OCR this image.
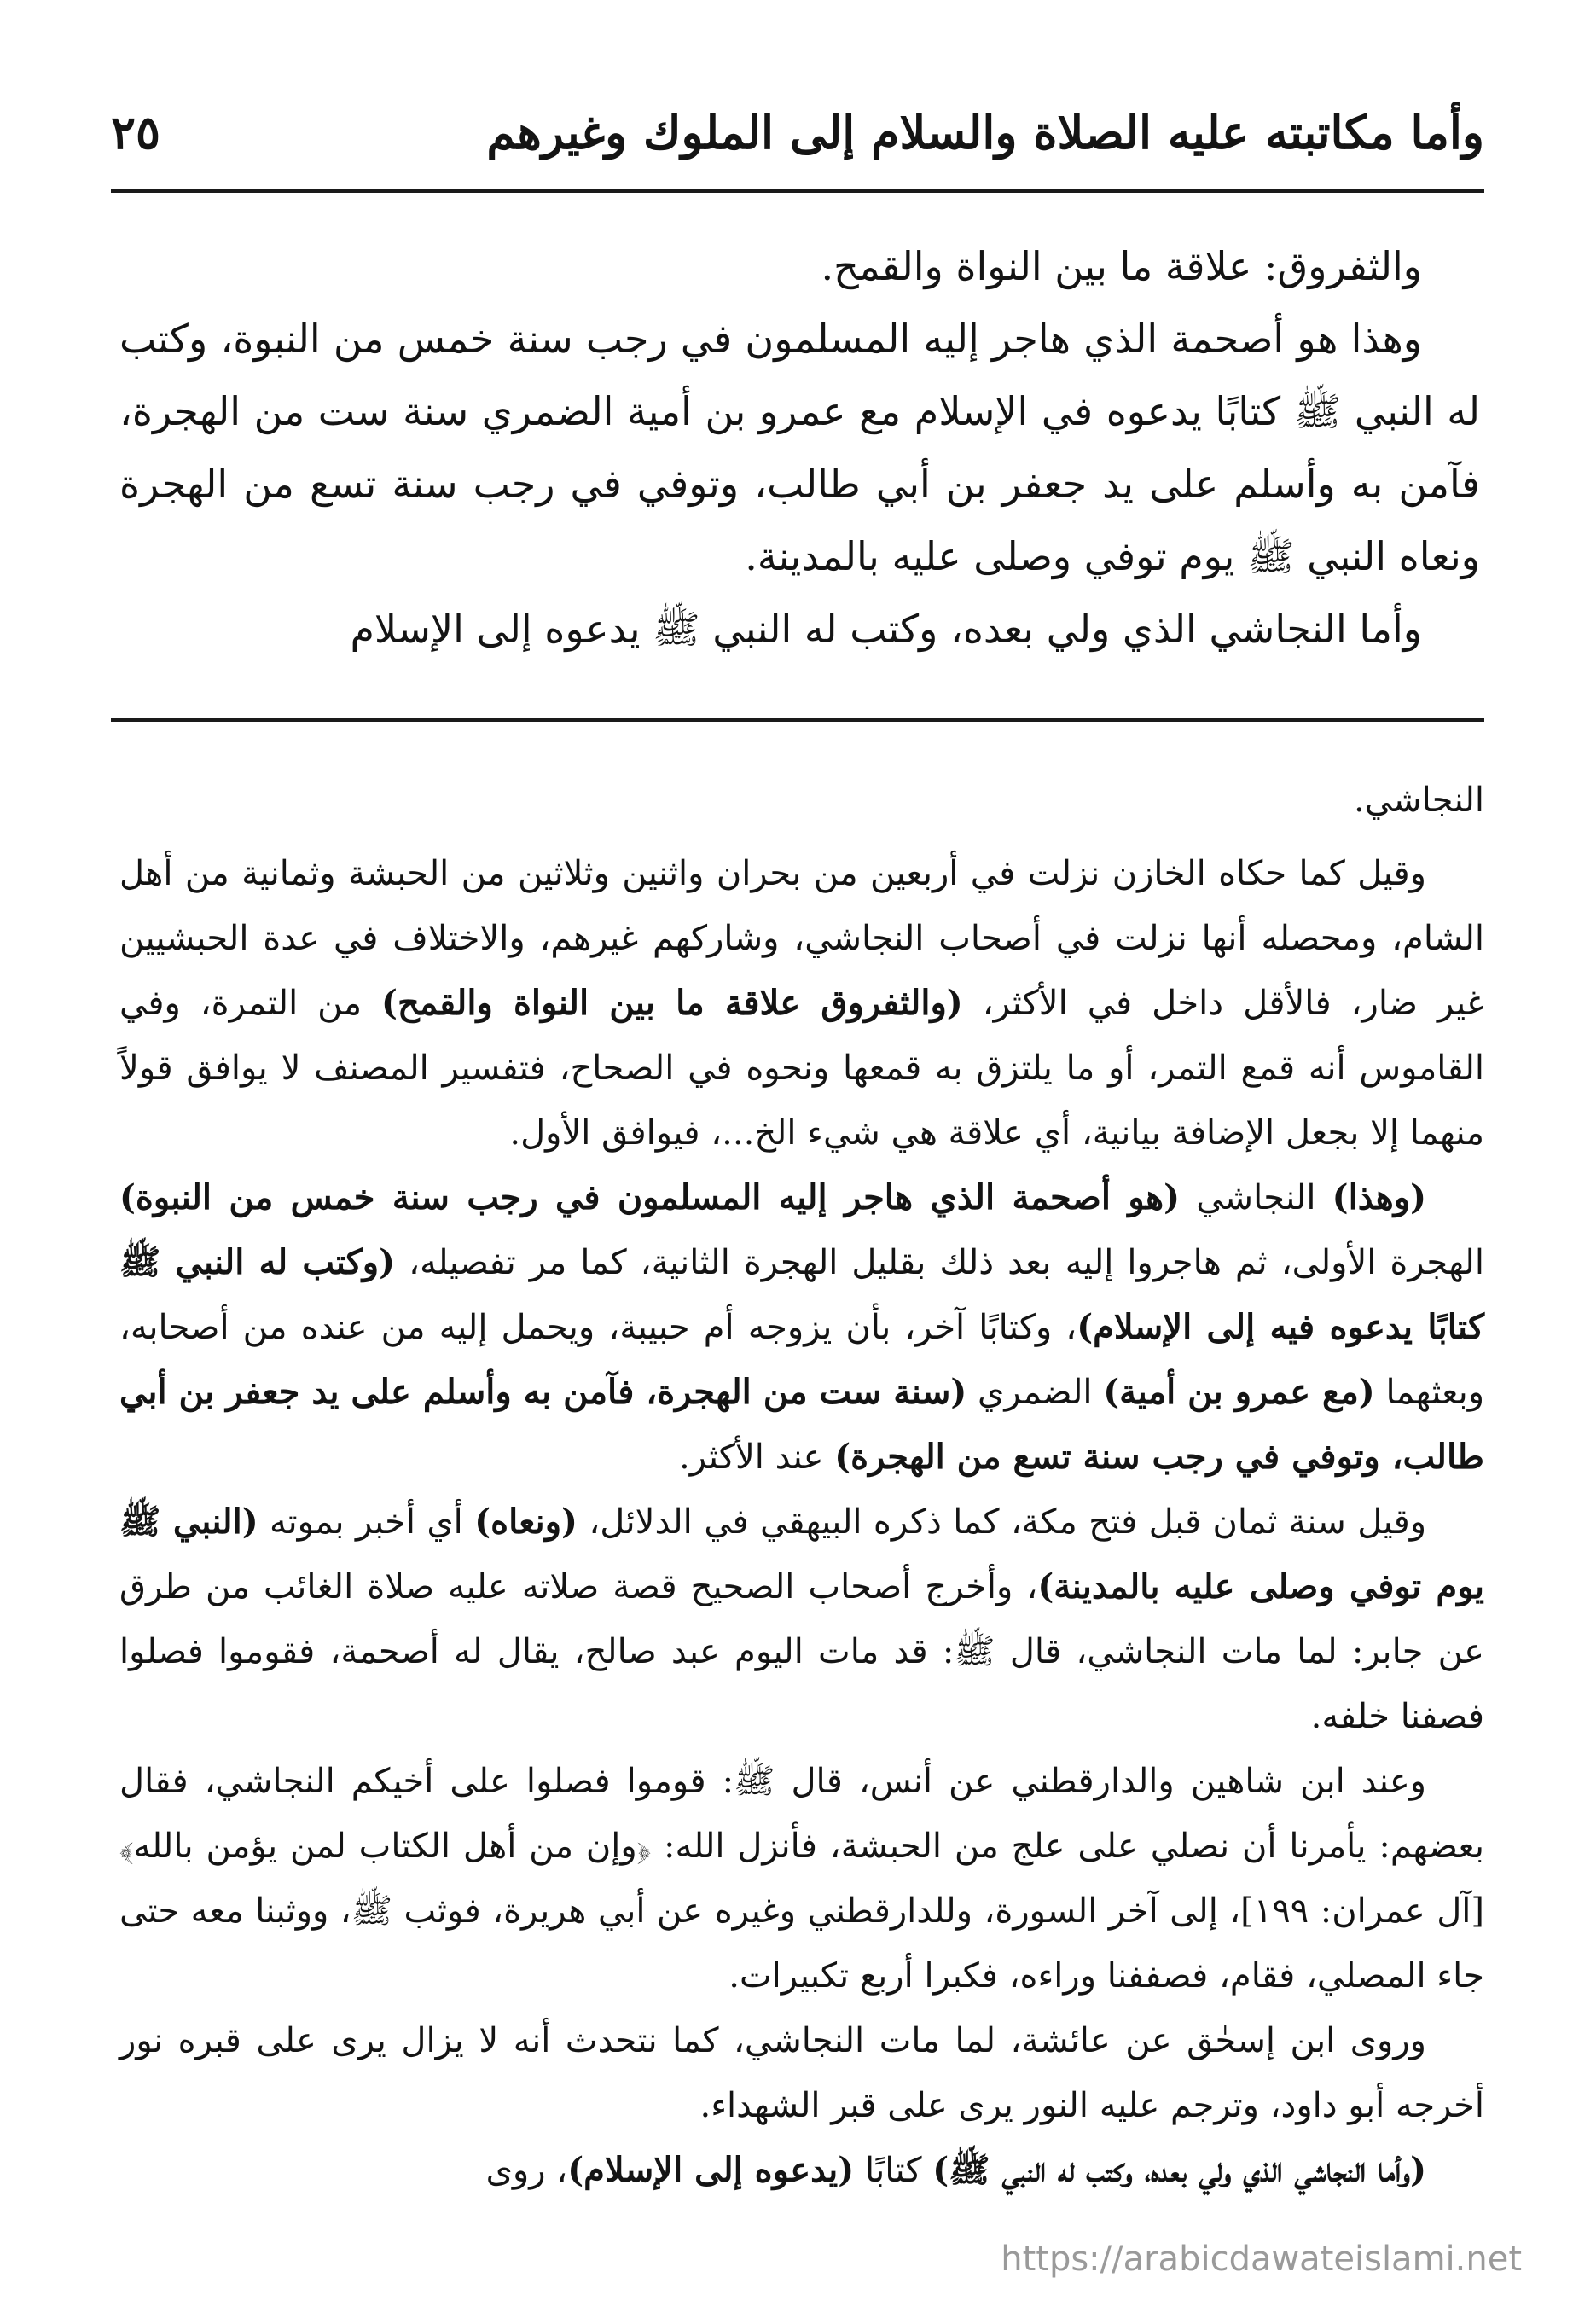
وأما مكاتبته عليه الصلاة والسلام إلى الملوك وغيرهم
٢٥

والثفروق: علاقة ما بين النواة والقمح.

وهذا هو أصحمة الذي هاجر إليه المسلمون في رجب سنة خمس من النبوة، وكتب له النبي ﷺ كتابًا يدعوه في الإسلام مع عمرو بن أمية الضمري سنة ست من الهجرة، فآمن به وأسلم على يد جعفر بن أبي طالب، وتوفي في رجب سنة تسع من الهجرة ونعاه النبي ﷺ يوم توفي وصلى عليه بالمدينة.

وأما النجاشي الذي ولي بعده، وكتب له النبي ﷺ يدعوه إلى الإسلام

النجاشي.

وقيل كما حكاه الخازن نزلت في أربعين من بحران واثنين وثلاثين من الحبشة وثمانية من أهل الشام، ومحصله أنها نزلت في أصحاب النجاشي، وشاركهم غيرهم، والاختلاف في عدة الحبشيين غير ضار، فالأقل داخل في الأكثر، (والثفروق علاقة ما بين النواة والقمح) من التمرة، وفي القاموس أنه قمع التمر، أو ما يلتزق به قمعها ونحوه في الصحاح، فتفسير المصنف لا يوافق قولاً منهما إلا بجعل الإضافة بيانية، أي علاقة هي شيء الخ...، فيوافق الأول.

(وهذا) النجاشي (هو أصحمة الذي هاجر إليه المسلمون في رجب سنة خمس من النبوة) الهجرة الأولى، ثم هاجروا إليه بعد ذلك بقليل الهجرة الثانية، كما مر تفصيله، (وكتب له النبي ﷺ كتابًا يدعوه فيه إلى الإسلام)، وكتابًا آخر، بأن يزوجه أم حبيبة، ويحمل إليه من عنده من أصحابه، وبعثهما (مع عمرو بن أمية) الضمري (سنة ست من الهجرة، فآمن به وأسلم على يد جعفر بن أبي طالب، وتوفي في رجب سنة تسع من الهجرة) عند الأكثر.

وقيل سنة ثمان قبل فتح مكة، كما ذكره البيهقي في الدلائل، (ونعاه) أي أخبر بموته (النبي ﷺ يوم توفي وصلى عليه بالمدينة)، وأخرج أصحاب الصحيح قصة صلاته عليه صلاة الغائب من طرق عن جابر: لما مات النجاشي، قال ﷺ: قد مات اليوم عبد صالح، يقال له أصحمة، فقوموا فصلوا فصفنا خلفه.

وعند ابن شاهين والدارقطني عن أنس، قال ﷺ: قوموا فصلوا على أخيكم النجاشي، فقال بعضهم: يأمرنا أن نصلي على علج من الحبشة، فأنزل الله: ﴿وإن من أهل الكتاب لمن يؤمن بالله﴾ [آل عمران: ١٩٩]، إلى آخر السورة، وللدارقطني وغيره عن أبي هريرة، فوثب ﷺ، ووثبنا معه حتى جاء المصلي، فقام، فصففنا وراءه، فكبرا أربع تكبيرات.

وروى ابن إسحٰق عن عائشة، لما مات النجاشي، كما نتحدث أنه لا يزال يرى على قبره نور أخرجه أبو داود، وترجم عليه النور يرى على قبر الشهداء.

(وأما النجاشي الذي ولي بعده، وكتب له النبي ﷺ) كتابًا (يدعوه إلى الإسلام)، روى

https://arabicdawateislami.net
